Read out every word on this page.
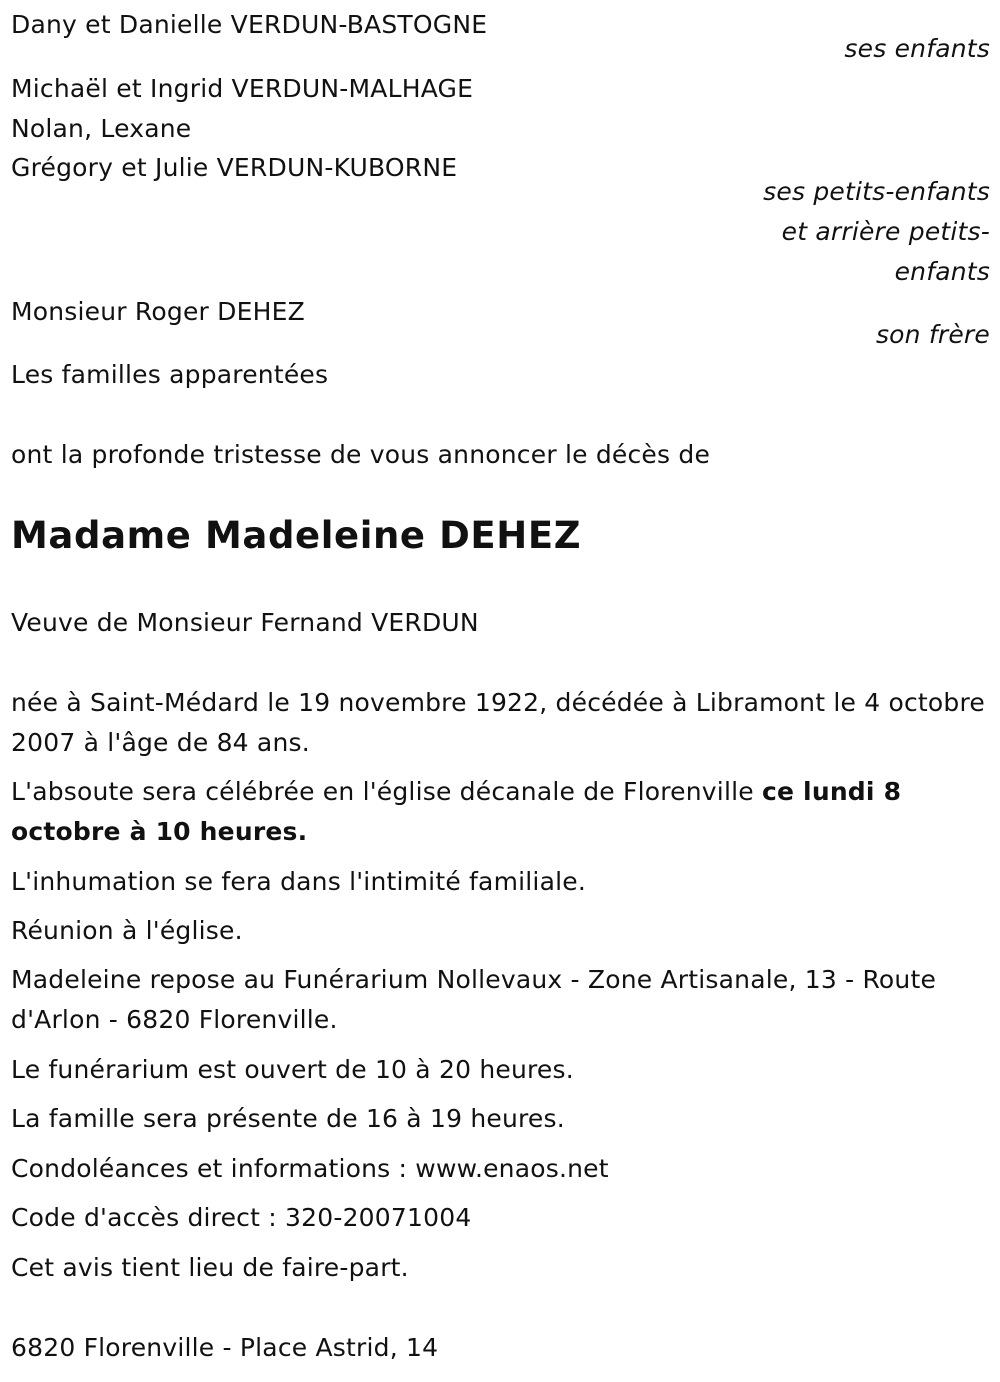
Dany et Danielle VERDUN-BASTOGNE
ses enfants
Michaël et Ingrid VERDUN-MALHAGE
Nolan, Lexane
Grégory et Julie VERDUN-KUBORNE
ses petits-enfants
et arrière petits-
enfants
Monsieur Roger DEHEZ
son frère
Les familles apparentées
ont la profonde tristesse de vous annoncer le décès de
Madame Madeleine DEHEZ
Veuve de Monsieur Fernand VERDUN
née à Saint-Médard le 19 novembre 1922, décédée à Libramont le 4 octobre 2007 à l'âge de 84 ans.
L'absoute sera célébrée en l'église décanale de Florenville ce lundi 8 octobre à 10 heures.
L'inhumation se fera dans l'intimité familiale.
Réunion à l'église.
Madeleine repose au Funérarium Nollevaux - Zone Artisanale, 13 - Route d'Arlon - 6820 Florenville.
Le funérarium est ouvert de 10 à 20 heures.
La famille sera présente de 16 à 19 heures.
Condoléances et informations : www.enaos.net
Code d'accès direct : 320-20071004
Cet avis tient lieu de faire-part.
6820 Florenville - Place Astrid, 14
